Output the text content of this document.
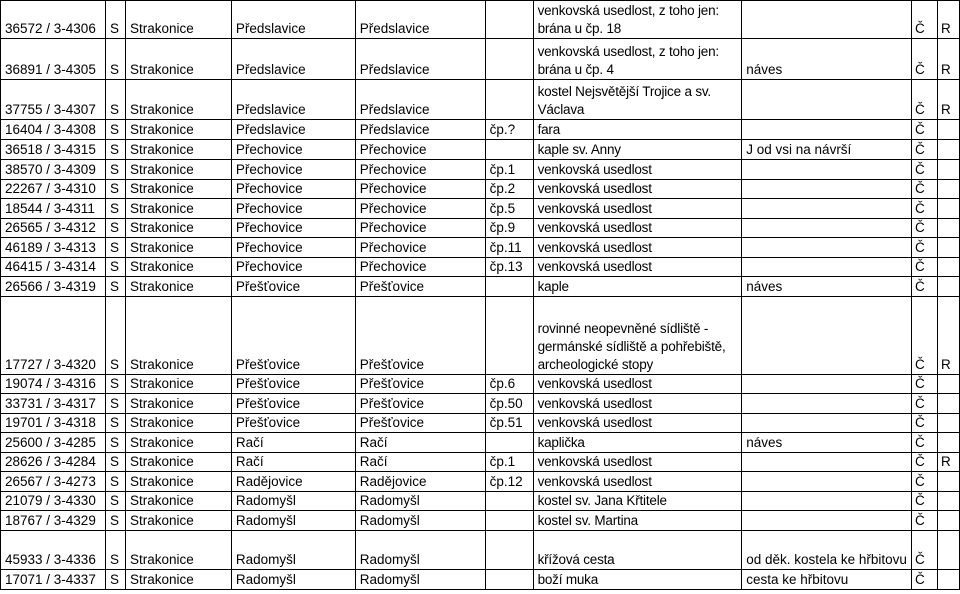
36572 / 3-4306	S	Strakonice	Předslavice	Předslavice		venkovská usedlost, z toho jen: brána u čp. 18		Č	R
36891 / 3-4305	S	Strakonice	Předslavice	Předslavice		venkovská usedlost, z toho jen: brána u čp. 4	náves	Č	R
37755 / 3-4307	S	Strakonice	Předslavice	Předslavice		kostel Nejsvětější Trojice a sv. Václava		Č	R
16404 / 3-4308	S	Strakonice	Předslavice	Předslavice	čp.?	fara		Č	
36518 / 3-4315	S	Strakonice	Přechovice	Přechovice		kaple sv. Anny	J od vsi na návrší	Č	
38570 / 3-4309	S	Strakonice	Přechovice	Přechovice	čp.1	venkovská usedlost		Č	
22267 / 3-4310	S	Strakonice	Přechovice	Přechovice	čp.2	venkovská usedlost		Č	
18544 / 3-4311	S	Strakonice	Přechovice	Přechovice	čp.5	venkovská usedlost		Č	
26565 / 3-4312	S	Strakonice	Přechovice	Přechovice	čp.9	venkovská usedlost		Č	
46189 / 3-4313	S	Strakonice	Přechovice	Přechovice	čp.11	venkovská usedlost		Č	
46415 / 3-4314	S	Strakonice	Přechovice	Přechovice	čp.13	venkovská usedlost		Č	
26566 / 3-4319	S	Strakonice	Přešťovice	Přešťovice		kaple	náves	Č	
17727 / 3-4320	S	Strakonice	Přešťovice	Přešťovice		rovinné neopevněné sídliště - germánské sídliště a pohřebiště, archeologické stopy		Č	R
19074 / 3-4316	S	Strakonice	Přešťovice	Přešťovice	čp.6	venkovská usedlost		Č	
33731 / 3-4317	S	Strakonice	Přešťovice	Přešťovice	čp.50	venkovská usedlost		Č	
19701 / 3-4318	S	Strakonice	Přešťovice	Přešťovice	čp.51	venkovská usedlost		Č	
25600 / 3-4285	S	Strakonice	Račí	Račí		kaplička	náves	Č	
28626 / 3-4284	S	Strakonice	Račí	Račí	čp.1	venkovská usedlost		Č	R
26567 / 3-4273	S	Strakonice	Radějovice	Radějovice	čp.12	venkovská usedlost		Č	
21079 / 3-4330	S	Strakonice	Radomyšl	Radomyšl		kostel sv. Jana Křtitele		Č	
18767 / 3-4329	S	Strakonice	Radomyšl	Radomyšl		kostel sv. Martina		Č	
45933 / 3-4336	S	Strakonice	Radomyšl	Radomyšl		křížová cesta	od děk. kostela ke hřbitovu	Č	
17071 / 3-4337	S	Strakonice	Radomyšl	Radomyšl		boží muka	cesta ke hřbitovu	Č	
